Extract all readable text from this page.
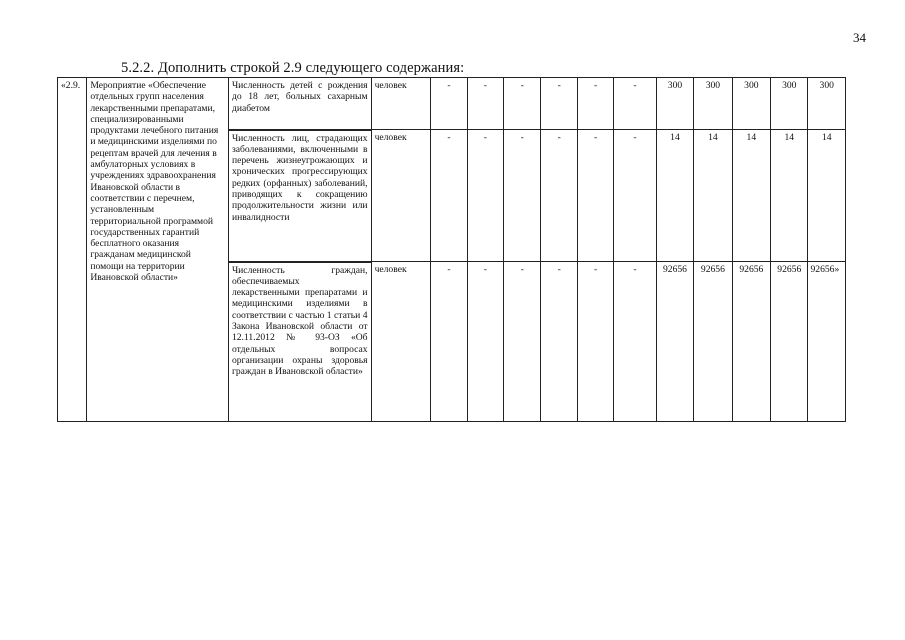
34
5.2.2. Дополнить строкой 2.9 следующего содержания:
«2.9.	Мероприятие «Обеспечение отдельных групп населения лекарственными препаратами, специализированными продуктами лечебного питания и медицинскими изделиями по рецептам врачей для лечения в амбулаторных условиях в учреждениях здравоохранения Ивановской области в соответствии с перечнем, установленным территориальной программой государственных гарантий бесплатного оказания гражданам медицинской помощи на территории Ивановской области»	Численность детей с рождения до 18 лет, больных сахарным диабетом	человек	-	-	-	-	-	-	300	300	300	300	300
		Численность лиц, страдающих заболеваниями, включенными в перечень жизнеугрожающих и хронических прогрессирующих редких (орфанных) заболеваний, приводящих к сокращению продолжительности жизни или инвалидности	человек	-	-	-	-	-	-	14	14	14	14	14
		Численность граждан, обеспечиваемых лекарственными препаратами и медицинскими изделиями в соответствии с частью 1 статьи 4 Закона Ивановской области от 12.11.2012 № 93-ОЗ «Об отдельных вопросах организации охраны здоровья граждан в Ивановской области»	человек	-	-	-	-	-	-	92656	92656	92656	92656	92656»
